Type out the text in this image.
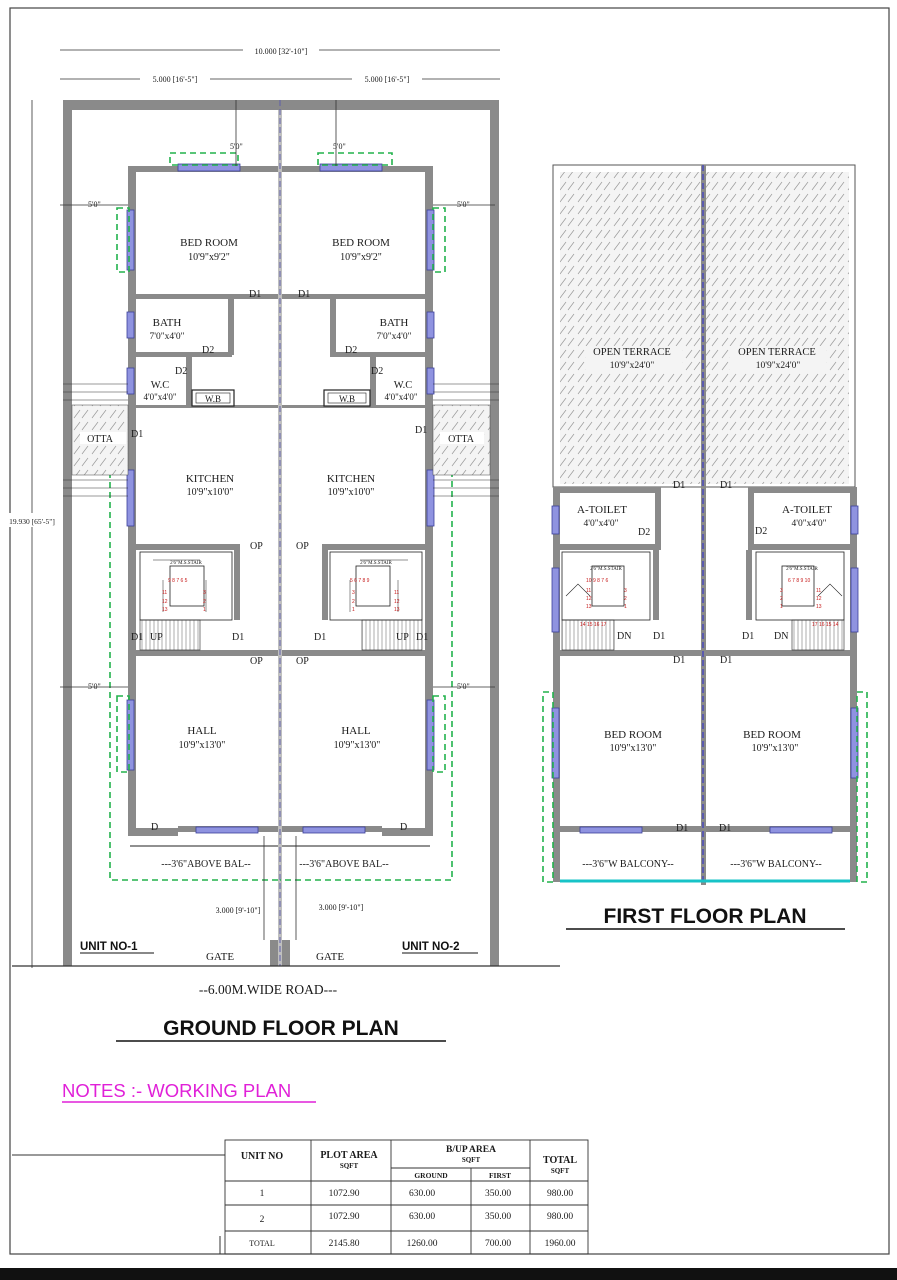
10.000 [32'-10"]
5.000 [16'-5"]	5.000 [16'-5"]
19.930 [65'-5"]
2'6"M.S.STAIR	2'6"M.S.STAIR
9 8 7 6 5
11
12
13
3
2
1
5 6 7 8 9
3
2
1
11
12
13
BED ROOM
10'9"x9'2"
BED ROOM
10'9"x9'2"
BATH
7'0"x4'0"
BATH
7'0"x4'0"
W.C
4'0"x4'0"
W.C
4'0"x4'0"
W.B	W.B
OTTA	OTTA
KITCHEN
10'9"x10'0"
KITCHEN
10'9"x10'0"
HALL
10'9"x13'0"
HALL
10'9"x13'0"
D1	D1
D2	D2
D2	D2
D1	D1
OP	OP
D1	D1	D1	D1
OP	OP
D	D
UP	UP
5'0"	5'0"
5'0"	5'0"
5'0"	5'0"
---3'6"ABOVE BAL--	---3'6"ABOVE BAL--
3.000 [9'-10"]	3.000 [9'-10"]
UNIT NO-1	UNIT NO-2
GATE	GATE
--6.00M.WIDE ROAD---
GROUND FLOOR PLAN
OPEN TERRACE
10'9"x24'0"
OPEN TERRACE
10'9"x24'0"
2'6"M.S.STAIR	2'6"M.S.STAIR
10 9 8 7 6
11
12
13
3
2
1
14 15 16 17
6 7 8 9 10
3
2
1
11
12
13
17 16 15 14
A-TOILET
4'0"x4'0"
A-TOILET
4'0"x4'0"
BED ROOM
10'9"x13'0"
BED ROOM
10'9"x13'0"
D1	D1
D2	D2
D1	D1
D1	D1
D1	D1
DN	DN
---3'6"W BALCONY--	---3'6"W BALCONY--
FIRST FLOOR PLAN
NOTES :- WORKING PLAN
UNIT NO	PLOT AREA
SQFT
B/UP AREA
SQFT
GROUND	FIRST
TOTAL
SQFT
1	1072.90	630.00	350.00	980.00
2	1072.90	630.00	350.00	980.00
TOTAL	2145.80	1260.00	700.00	1960.00
